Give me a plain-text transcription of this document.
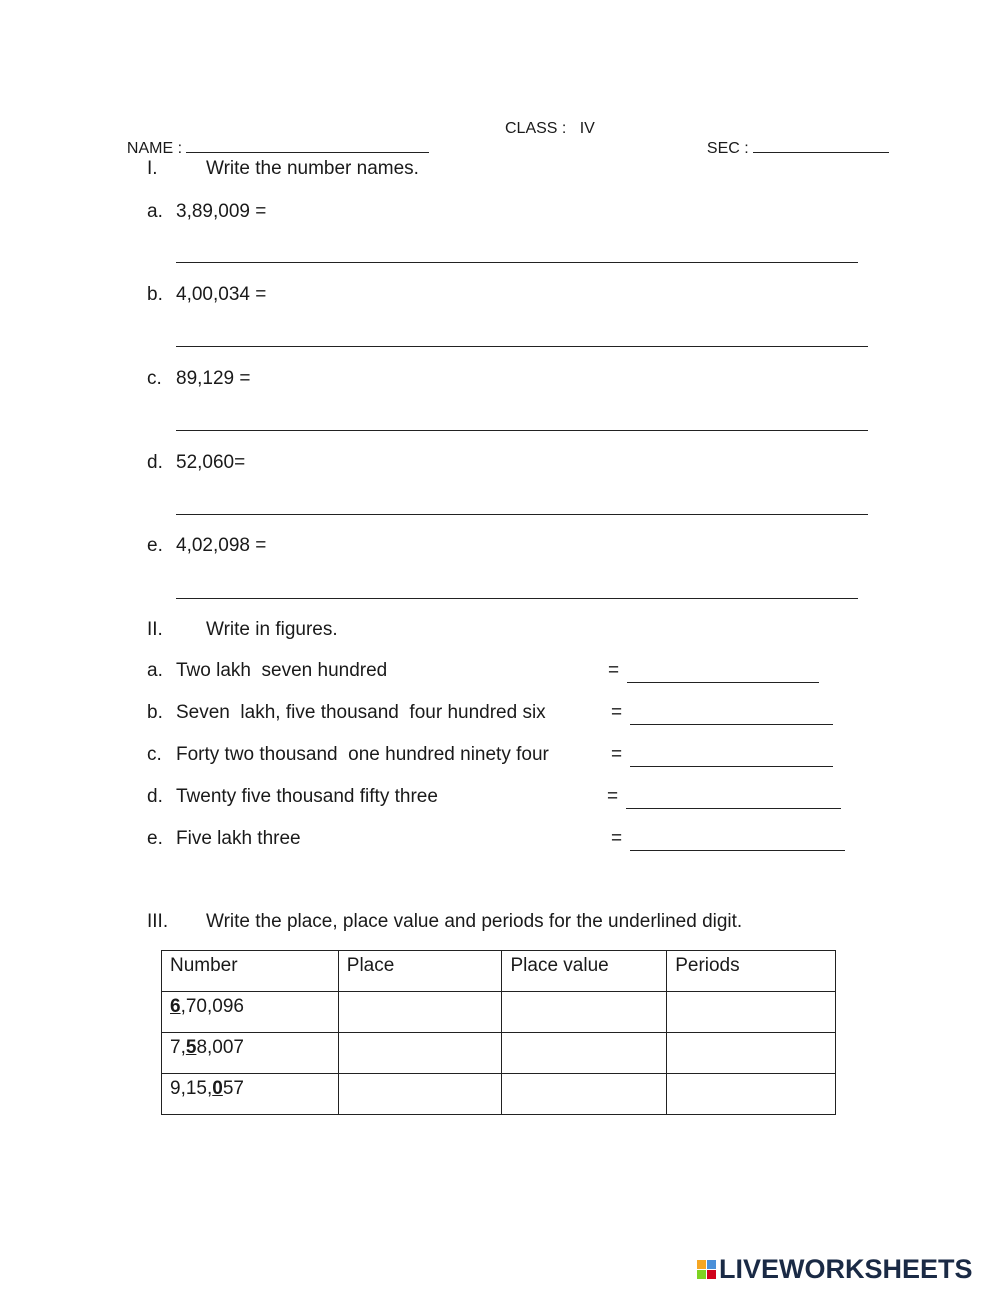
NAME :

CLASS :   IV

SEC :

I.	Write the number names.
a. 3,89,009 =
b. 4,00,034 =
c. 89,129 =
d. 52,060=
e. 4,02,098 =
II. Write in figures.
a. Two lakh  seven hundred	=
b. Seven  lakh, five thousand  four hundred six	=
c. Forty two thousand  one hundred ninety four	=
d. Twenty five thousand fifty three	=
e. Five lakh three	=
III. Write the place, place value and periods for the underlined digit.
Number	Place	Place value	Periods
6,70,096			
7,58,007			
9,15,057			
LIVEWORKSHEETS
